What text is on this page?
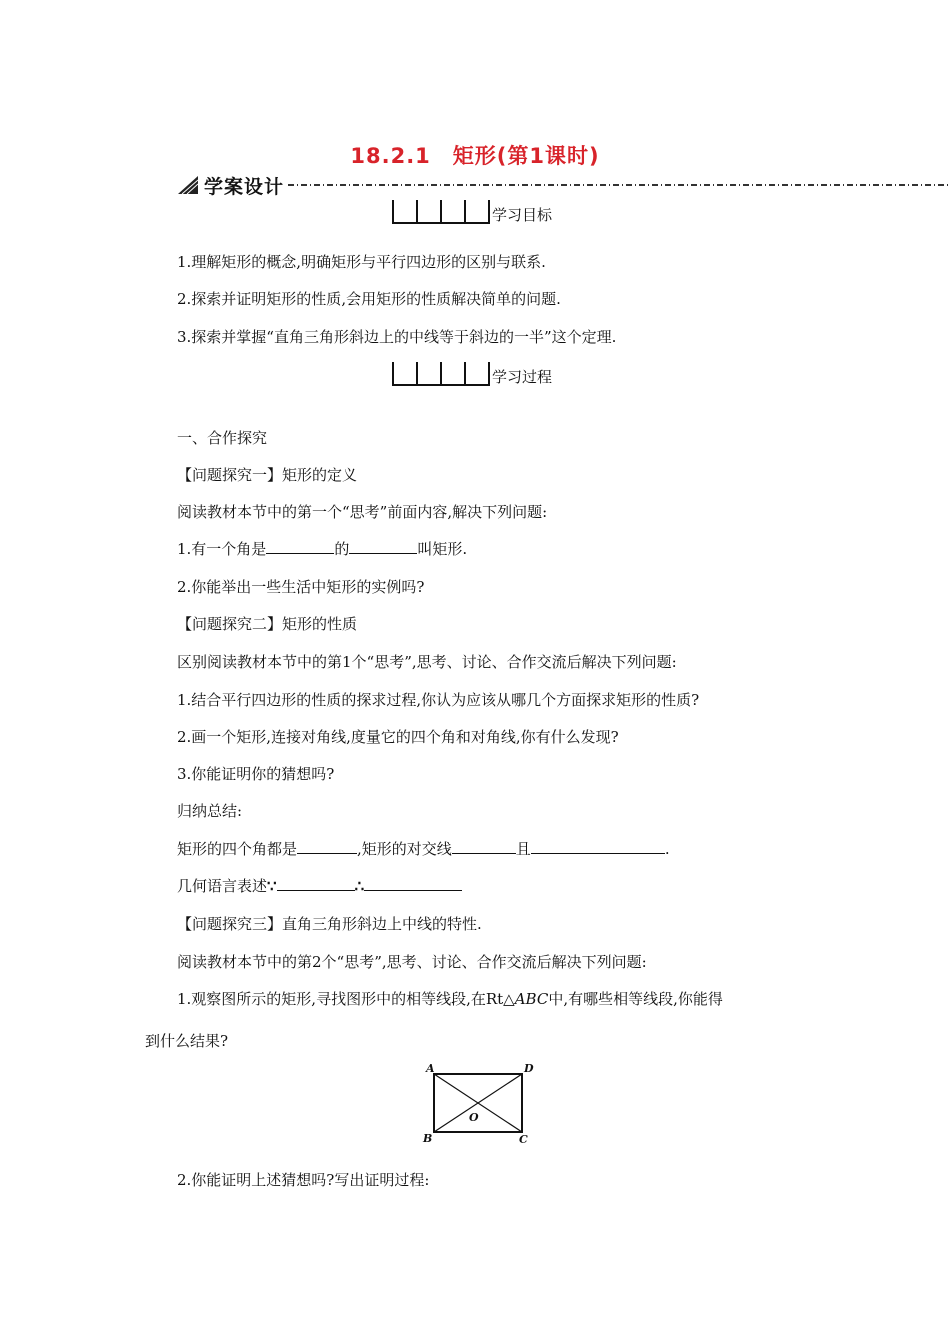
18.2.1　矩形(第1课时)
学案设计
学习目标
1.理解矩形的概念,明确矩形与平行四边形的区别与联系.
2.探索并证明矩形的性质,会用矩形的性质解决简单的问题.
3.探索并掌握“直角三角形斜边上的中线等于斜边的一半”这个定理.
学习过程
一、合作探究
【问题探究一】矩形的定义
阅读教材本节中的第一个“思考”前面内容,解决下列问题:
1.有一个角是	的	叫矩形.
2.你能举出一些生活中矩形的实例吗?
【问题探究二】矩形的性质
区别阅读教材本节中的第1个“思考”,思考、讨论、合作交流后解决下列问题:
1.结合平行四边形的性质的探求过程,你认为应该从哪几个方面探求矩形的性质?
2.画一个矩形,连接对角线,度量它的四个角和对角线,你有什么发现?
3.你能证明你的猜想吗?
归纳总结:
矩形的四个角都是	,矩形的对交线	且	.
几何语言表述∵	∴
【问题探究三】直角三角形斜边上中线的特性.
阅读教材本节中的第2个“思考”,思考、讨论、合作交流后解决下列问题:
1.观察图所示的矩形,寻找图形中的相等线段,在Rt△ABC中,有哪些相等线段,你能得
到什么结果?
A	D
B	C
O
2.你能证明上述猜想吗?写出证明过程:
